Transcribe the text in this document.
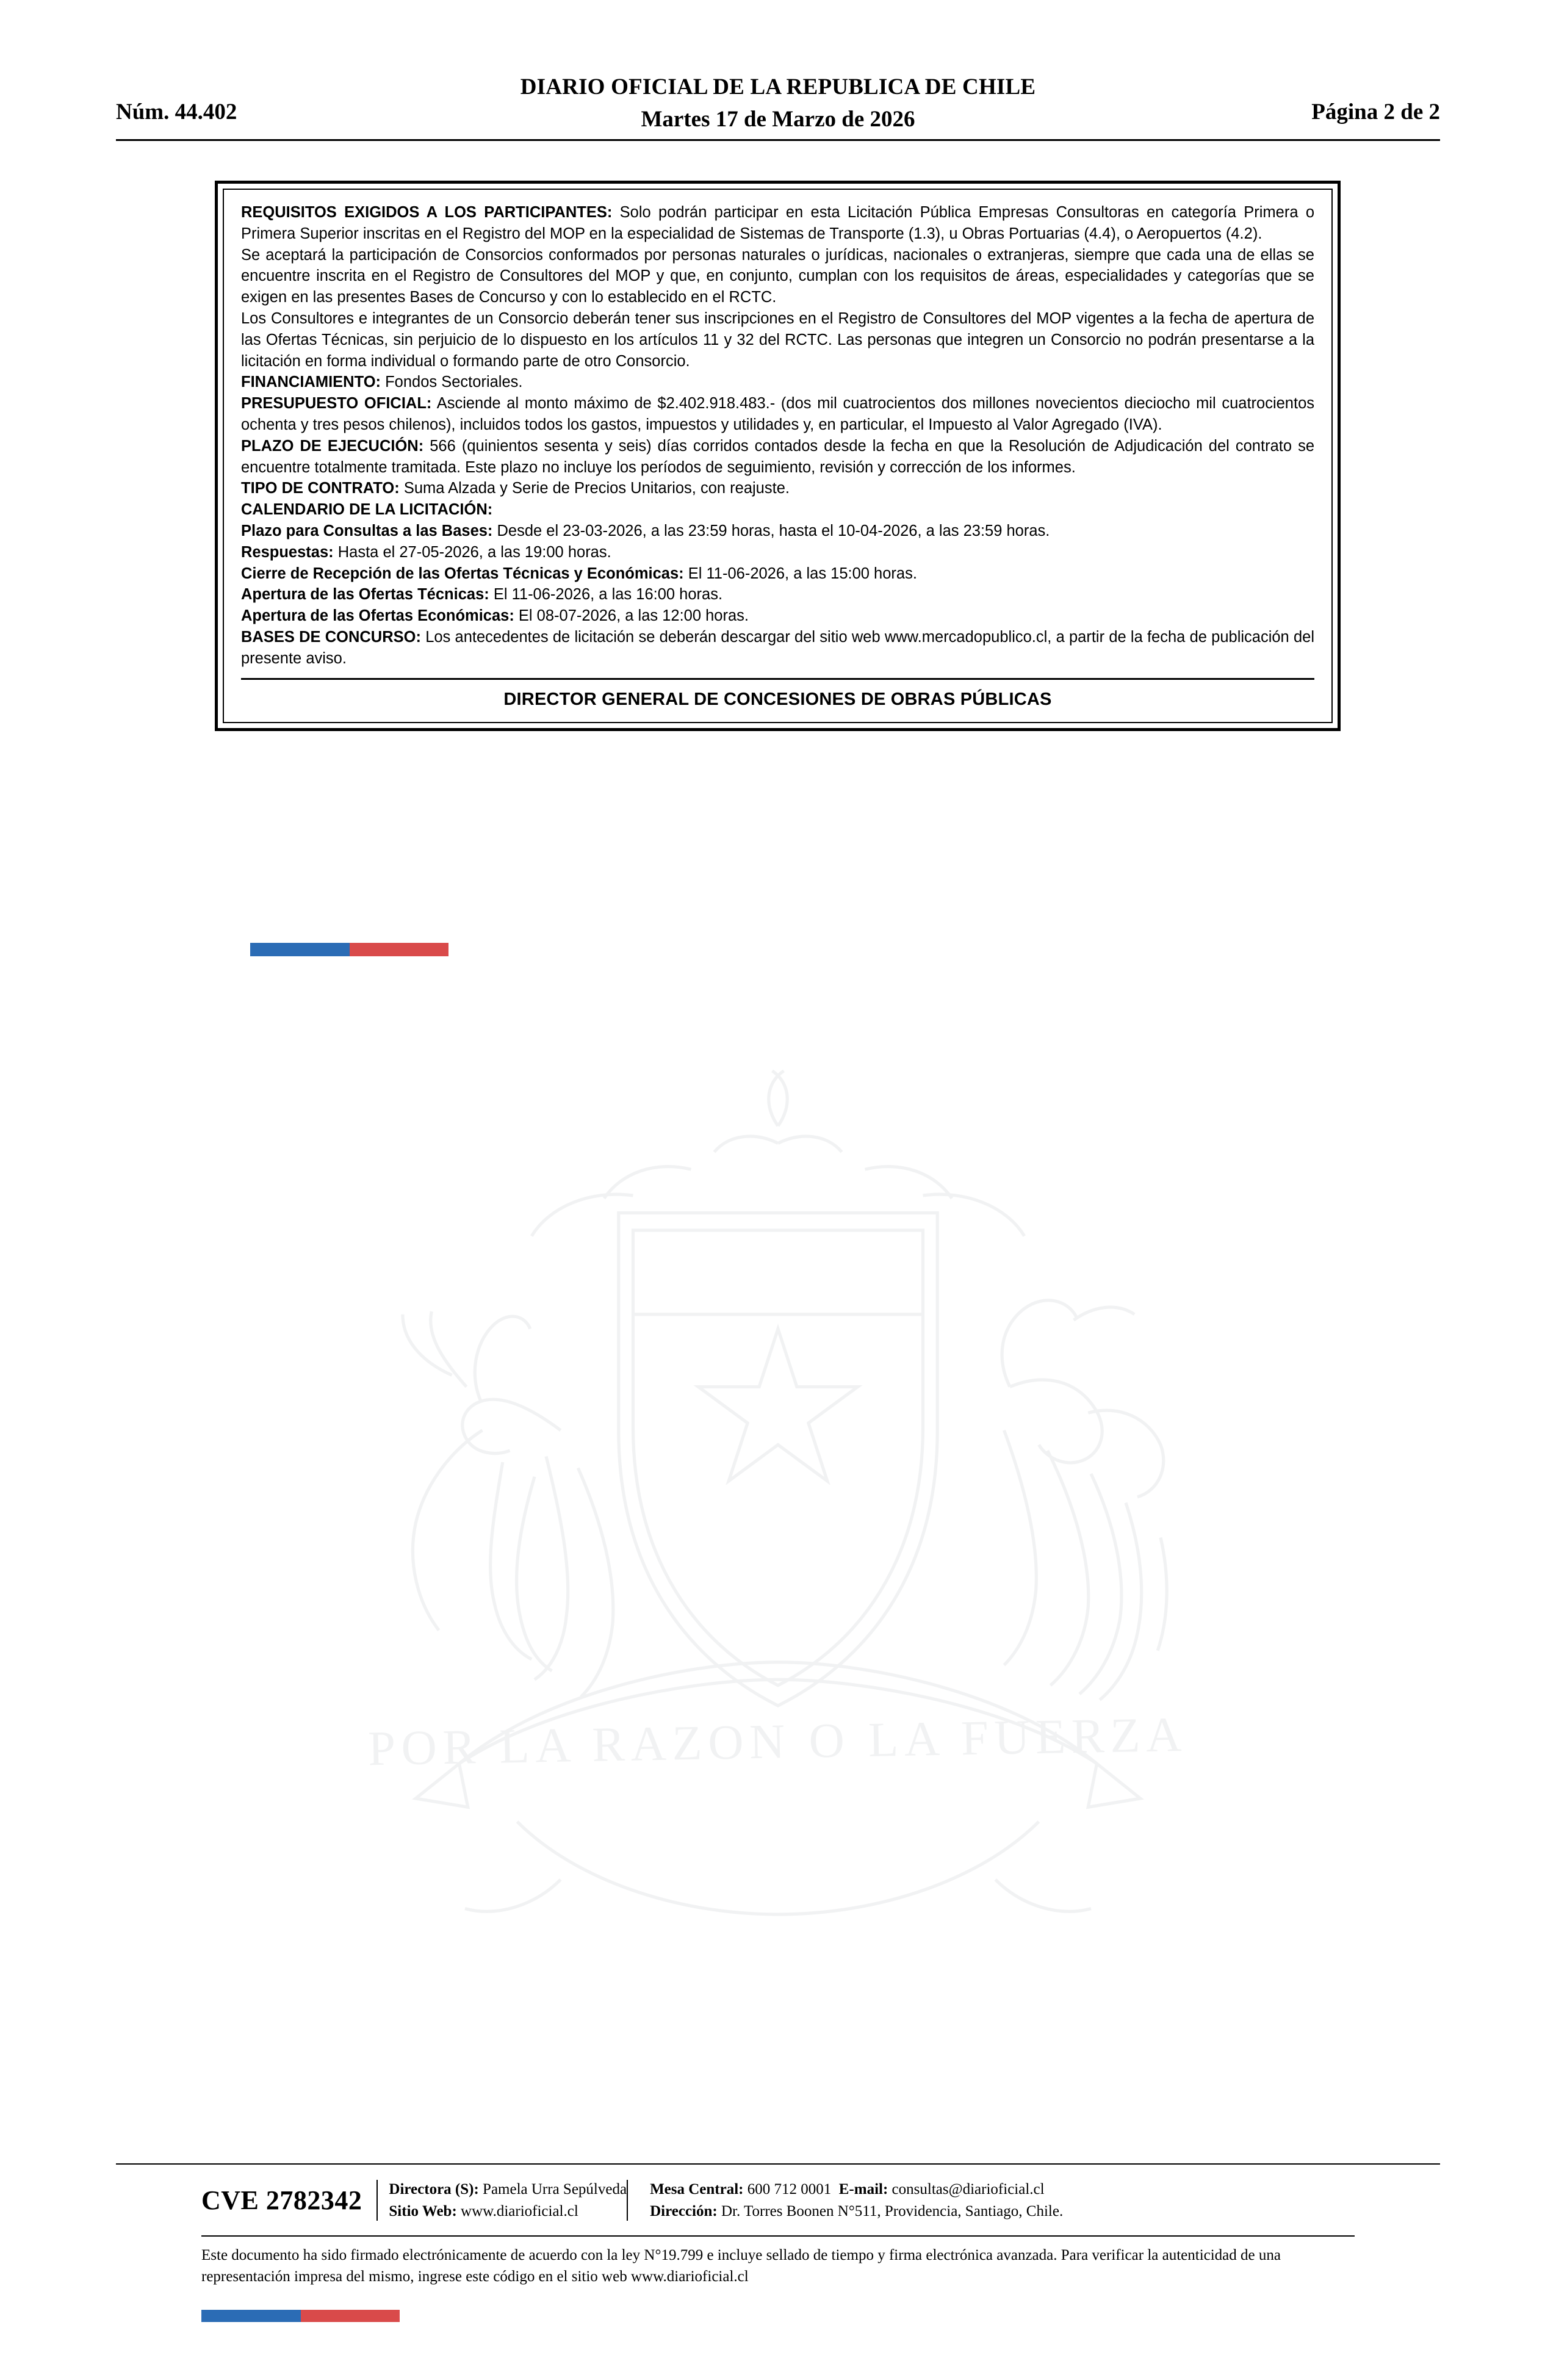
POR LA RAZON O LA FUERZA
DIARIO OFICIAL DE LA REPUBLICA DE CHILE
Martes 17 de Marzo de 2026
Núm. 44.402	Página 2 de 2

REQUISITOS EXIGIDOS A LOS PARTICIPANTES: Solo podrán participar en esta Licitación Pública Empresas Consultoras en categoría Primera o Primera Superior inscritas en el Registro del MOP en la especialidad de Sistemas de Transporte (1.3), u Obras Portuarias (4.4), o Aeropuertos (4.2).

Se aceptará la participación de Consorcios conformados por personas naturales o jurídicas, nacionales o extranjeras, siempre que cada una de ellas se encuentre inscrita en el Registro de Consultores del MOP y que, en conjunto, cumplan con los requisitos de áreas, especialidades y categorías que se exigen en las presentes Bases de Concurso y con lo establecido en el RCTC.

Los Consultores e integrantes de un Consorcio deberán tener sus inscripciones en el Registro de Consultores del MOP vigentes a la fecha de apertura de las Ofertas Técnicas, sin perjuicio de lo dispuesto en los artículos 11 y 32 del RCTC. Las personas que integren un Consorcio no podrán presentarse a la licitación en forma individual o formando parte de otro Consorcio.

FINANCIAMIENTO: Fondos Sectoriales.

PRESUPUESTO OFICIAL: Asciende al monto máximo de $2.402.918.483.- (dos mil cuatrocientos dos millones novecientos dieciocho mil cuatrocientos ochenta y tres pesos chilenos), incluidos todos los gastos, impuestos y utilidades y, en particular, el Impuesto al Valor Agregado (IVA).

PLAZO DE EJECUCIÓN: 566 (quinientos sesenta y seis) días corridos contados desde la fecha en que la Resolución de Adjudicación del contrato se encuentre totalmente tramitada. Este plazo no incluye los períodos de seguimiento, revisión y corrección de los informes.

TIPO DE CONTRATO: Suma Alzada y Serie de Precios Unitarios, con reajuste.

CALENDARIO DE LA LICITACIÓN:

Plazo para Consultas a las Bases: Desde el 23-03-2026, a las 23:59 horas, hasta el 10-04-2026, a las 23:59 horas.

Respuestas: Hasta el 27-05-2026, a las 19:00 horas.

Cierre de Recepción de las Ofertas Técnicas y Económicas: El 11-06-2026, a las 15:00 horas.

Apertura de las Ofertas Técnicas: El 11-06-2026, a las 16:00 horas.

Apertura de las Ofertas Económicas: El 08-07-2026, a las 12:00 horas.

BASES DE CONCURSO: Los antecedentes de licitación se deberán descargar del sitio web www.mercadopublico.cl, a partir de la fecha de publicación del presente aviso.

DIRECTOR GENERAL DE CONCESIONES DE OBRAS PÚBLICAS
CVE 2782342	Directora (S): Pamela Urra Sepúlveda
Sitio Web: www.diarioficial.cl
Mesa Central: 600 712 0001 E-mail: consultas@diarioficial.cl
Dirección: Dr. Torres Boonen N°511, Providencia, Santiago, Chile.
Este documento ha sido firmado electrónicamente de acuerdo con la ley N°19.799 e incluye sellado de tiempo y firma electrónica avanzada. Para verificar la autenticidad de una representación impresa del mismo, ingrese este código en el sitio web www.diarioficial.cl
